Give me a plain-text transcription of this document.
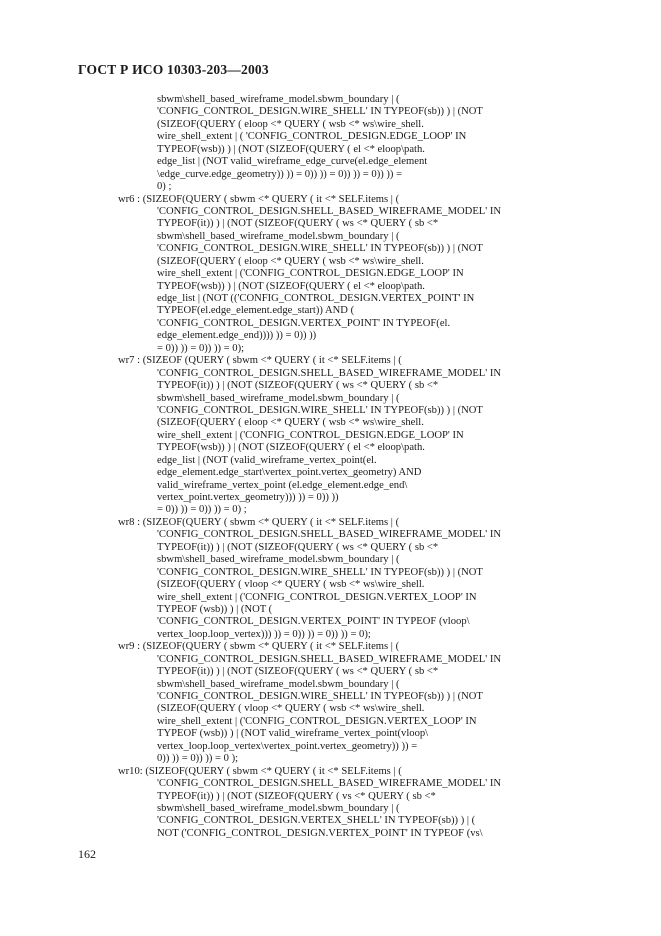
ГОСТ Р ИСО 10303-203—2003
sbwm\shell_based_wireframe_model.sbwm_boundary | (
'CONFIG_CONTROL_DESIGN.WIRE_SHELL' IN TYPEOF(sb)) ) | (NOT
(SIZEOF(QUERY ( eloop <* QUERY ( wsb <* ws\wire_shell.
wire_shell_extent | ( 'CONFIG_CONTROL_DESIGN.EDGE_LOOP' IN
TYPEOF(wsb)) ) | (NOT (SIZEOF(QUERY ( el <* eloop\path.
edge_list | (NOT valid_wireframe_edge_curve(el.edge_element
\edge_curve.edge_geometry)) )) = 0)) )) = 0)) )) = 0)) )) =
0) ;
wr6 : (SIZEOF(QUERY ( sbwm <* QUERY ( it <* SELF.items | (
'CONFIG_CONTROL_DESIGN.SHELL_BASED_WIREFRAME_MODEL' IN
TYPEOF(it)) ) | (NOT (SIZEOF(QUERY ( ws <* QUERY ( sb <*
sbwm\shell_based_wireframe_model.sbwm_boundary | (
'CONFIG_CONTROL_DESIGN.WIRE_SHELL' IN TYPEOF(sb)) ) | (NOT
(SIZEOF(QUERY ( eloop <* QUERY ( wsb <* ws\wire_shell.
wire_shell_extent | ('CONFIG_CONTROL_DESIGN.EDGE_LOOP' IN
TYPEOF(wsb)) ) | (NOT (SIZEOF(QUERY ( el <* eloop\path.
edge_list | (NOT (('CONFIG_CONTROL_DESIGN.VERTEX_POINT' IN
TYPEOF(el.edge_element.edge_start)) AND (
'CONFIG_CONTROL_DESIGN.VERTEX_POINT' IN TYPEOF(el.
edge_element.edge_end)))) )) = 0)) ))
= 0)) )) = 0)) )) = 0);
wr7 : (SIZEOF (QUERY ( sbwm <* QUERY ( it <* SELF.items | (
'CONFIG_CONTROL_DESIGN.SHELL_BASED_WIREFRAME_MODEL' IN
TYPEOF(it)) ) | (NOT (SIZEOF(QUERY ( ws <* QUERY ( sb <*
sbwm\shell_based_wireframe_model.sbwm_boundary | (
'CONFIG_CONTROL_DESIGN.WIRE_SHELL' IN TYPEOF(sb)) ) | (NOT
(SIZEOF(QUERY ( eloop <* QUERY ( wsb <* ws\wire_shell.
wire_shell_extent | ('CONFIG_CONTROL_DESIGN.EDGE_LOOP' IN
TYPEOF(wsb)) ) | (NOT (SIZEOF(QUERY ( el <* eloop\path.
edge_list | (NOT (valid_wireframe_vertex_point(el.
edge_element.edge_start\vertex_point.vertex_geometry) AND
valid_wireframe_vertex_point (el.edge_element.edge_end\
vertex_point.vertex_geometry))) )) = 0)) ))
= 0)) )) = 0)) )) = 0) ;
wr8 : (SIZEOF(QUERY ( sbwm <* QUERY ( it <* SELF.items | (
'CONFIG_CONTROL_DESIGN.SHELL_BASED_WIREFRAME_MODEL' IN
TYPEOF(it)) ) | (NOT (SIZEOF(QUERY ( ws <* QUERY ( sb <*
sbwm\shell_based_wireframe_model.sbwm_boundary | (
'CONFIG_CONTROL_DESIGN.WIRE_SHELL' IN TYPEOF(sb)) ) | (NOT
(SIZEOF(QUERY ( vloop <* QUERY ( wsb <* ws\wire_shell.
wire_shell_extent | ('CONFIG_CONTROL_DESIGN.VERTEX_LOOP' IN
TYPEOF (wsb)) ) | (NOT (
'CONFIG_CONTROL_DESIGN.VERTEX_POINT' IN TYPEOF (vloop\
vertex_loop.loop_vertex))) )) = 0)) )) = 0)) )) = 0);
wr9 : (SIZEOF(QUERY ( sbwm <* QUERY ( it <* SELF.items | (
'CONFIG_CONTROL_DESIGN.SHELL_BASED_WIREFRAME_MODEL' IN
TYPEOF(it)) ) | (NOT (SIZEOF(QUERY ( ws <* QUERY ( sb <*
sbwm\shell_based_wireframe_model.sbwm_boundary | (
'CONFIG_CONTROL_DESIGN.WIRE_SHELL' IN TYPEOF(sb)) ) | (NOT
(SIZEOF(QUERY ( vloop <* QUERY ( wsb <* ws\wire_shell.
wire_shell_extent | ('CONFIG_CONTROL_DESIGN.VERTEX_LOOP' IN
TYPEOF (wsb)) ) | (NOT valid_wireframe_vertex_point(vloop\
vertex_loop.loop_vertex\vertex_point.vertex_geometry)) )) =
0)) )) = 0)) )) = 0 );
wr10: (SIZEOF(QUERY ( sbwm <* QUERY ( it <* SELF.items | (
'CONFIG_CONTROL_DESIGN.SHELL_BASED_WIREFRAME_MODEL' IN
TYPEOF(it)) ) | (NOT (SIZEOF(QUERY ( vs <* QUERY ( sb <*
sbwm\shell_based_wireframe_model.sbwm_boundary | (
'CONFIG_CONTROL_DESIGN.VERTEX_SHELL' IN TYPEOF(sb)) ) | (
NOT ('CONFIG_CONTROL_DESIGN.VERTEX_POINT' IN TYPEOF (vs\
162
